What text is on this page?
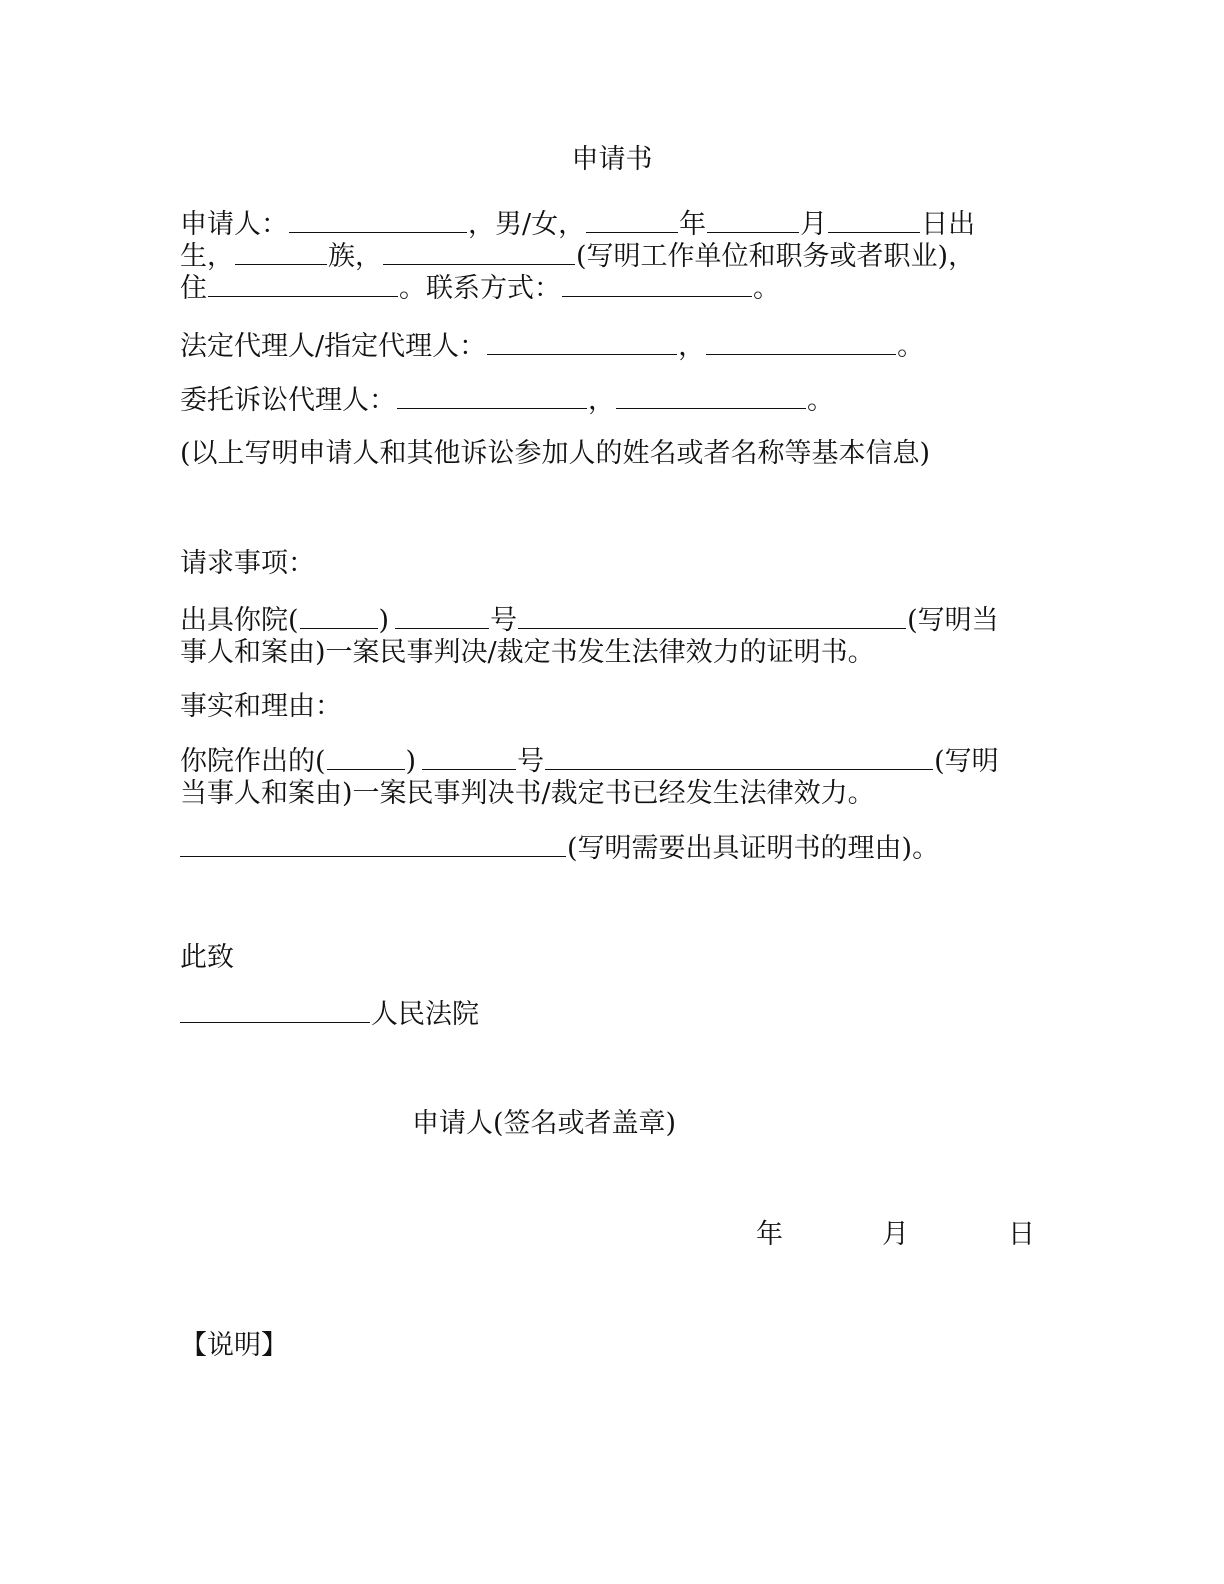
申请书
申请人：	，男/女，	年	月	日出
生，	族，	(写明工作单位和职务或者职业)，
住	。联系方式：	。
法定代理人/指定代理人：	，	。
委托诉讼代理人：	，	。
(以上写明申请人和其他诉讼参加人的姓名或者名称等基本信息)
请求事项：
出具你院(	)	号	(写明当
事人和案由)一案民事判决/裁定书发生法律效力的证明书。
事实和理由：
你院作出的(	)	号	(写明
当事人和案由)一案民事判决书/裁定书已经发生法律效力。
(写明需要出具证明书的理由)。
此致
人民法院
申请人(签名或者盖章)
年	月	日
【说明】
